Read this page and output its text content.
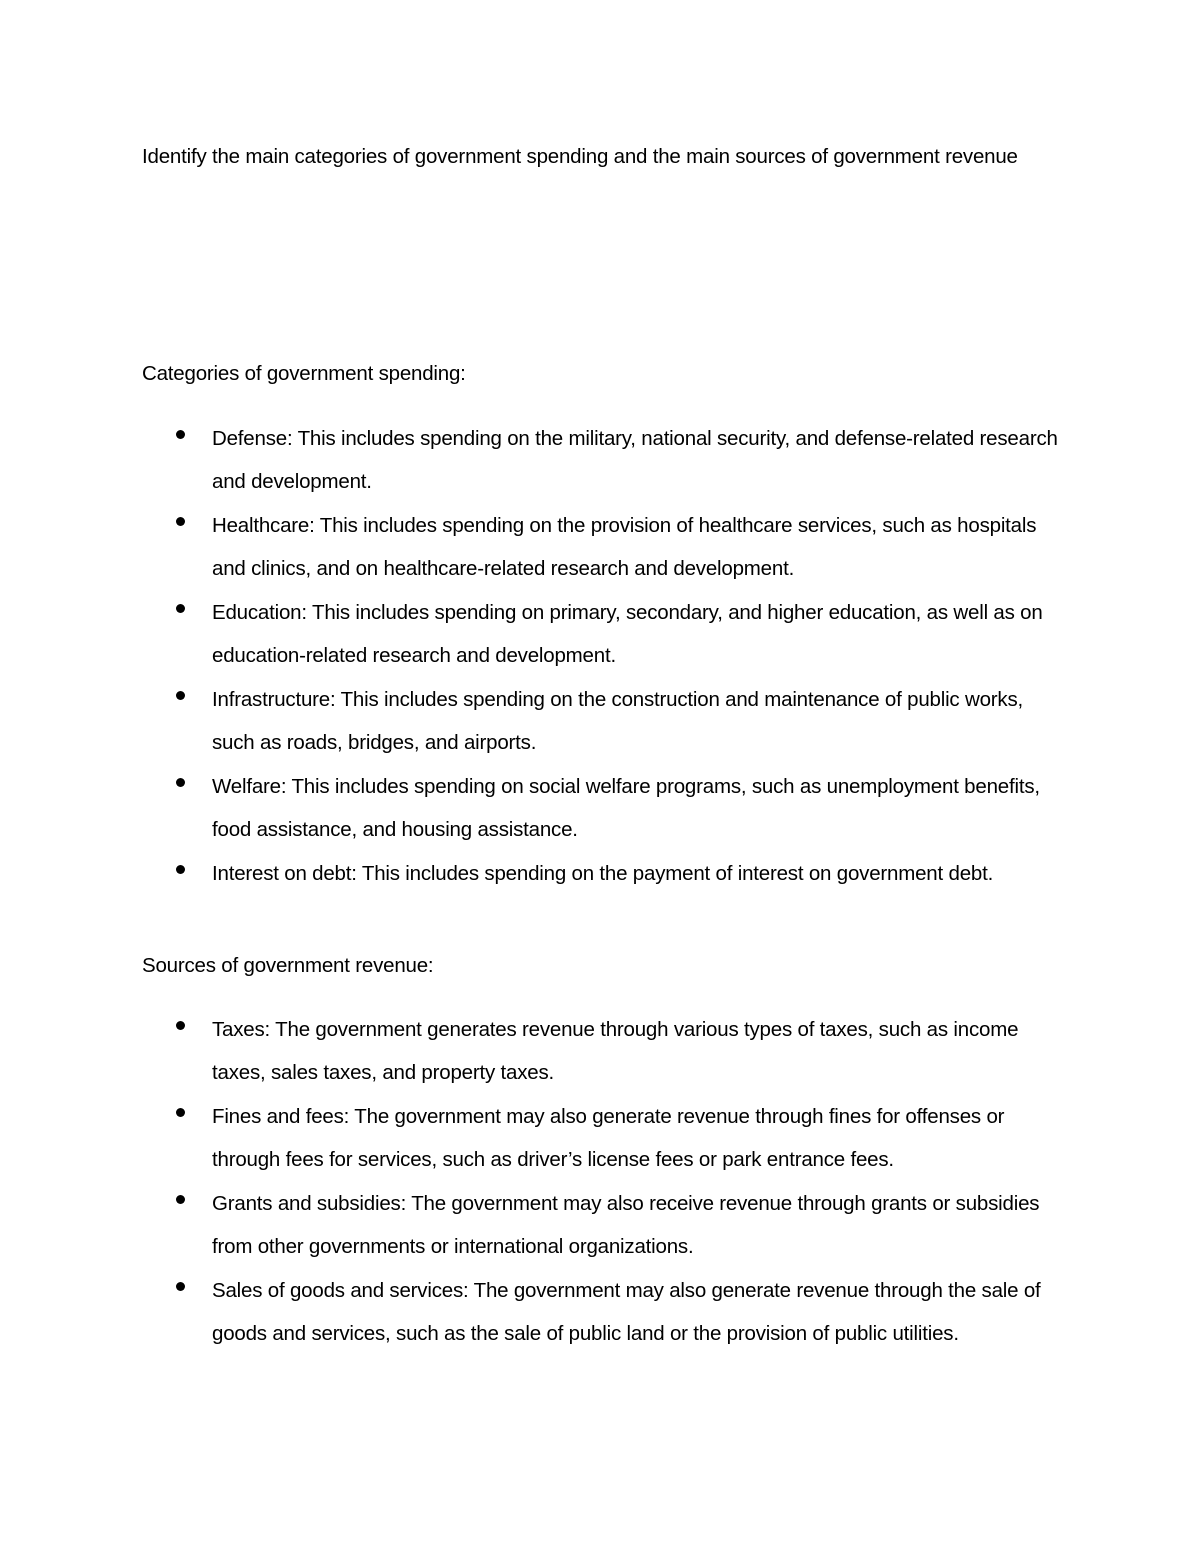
Identify the main categories of government spending and the main sources of government revenue
Categories of government spending:
Defense: This includes spending on the military, national security, and defense-related research and development.
Healthcare: This includes spending on the provision of healthcare services, such as hospitals and clinics, and on healthcare-related research and development.
Education: This includes spending on primary, secondary, and higher education, as well as on education-related research and development.
Infrastructure: This includes spending on the construction and maintenance of public works, such as roads, bridges, and airports.
Welfare: This includes spending on social welfare programs, such as unemployment benefits, food assistance, and housing assistance.
Interest on debt: This includes spending on the payment of interest on government debt.
Sources of government revenue:
Taxes: The government generates revenue through various types of taxes, such as income taxes, sales taxes, and property taxes.
Fines and fees: The government may also generate revenue through fines for offenses or through fees for services, such as driver’s license fees or park entrance fees.
Grants and subsidies: The government may also receive revenue through grants or subsidies from other governments or international organizations.
Sales of goods and services: The government may also generate revenue through the sale of goods and services, such as the sale of public land or the provision of public utilities.
